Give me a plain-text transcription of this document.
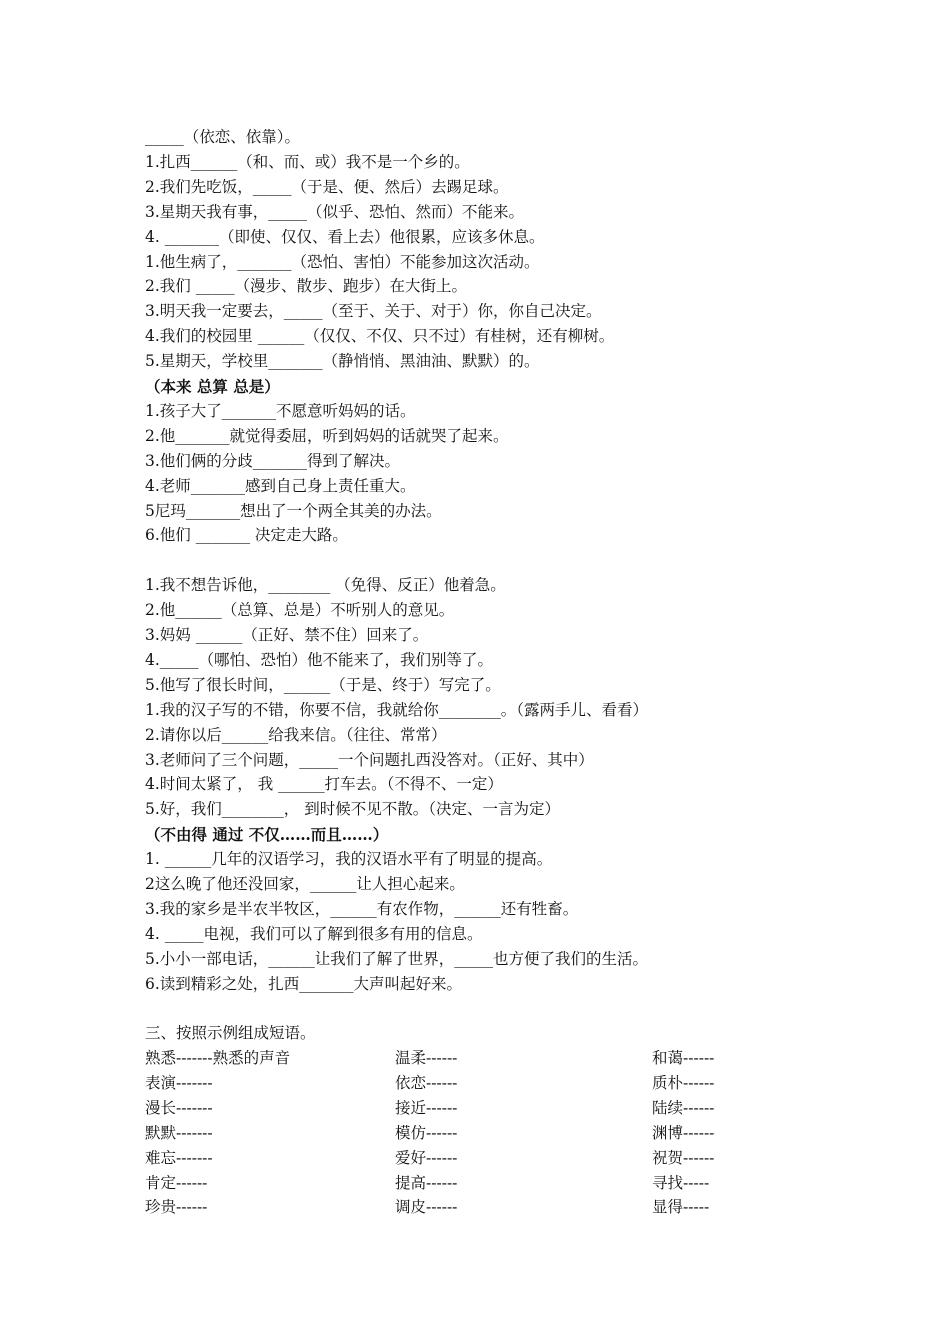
_____（依恋、依靠）。
1.扎西______（和、而、或）我不是一个乡的。
2.我们先吃饭，_____（于是、便、然后）去踢足球。
3.星期天我有事，_____（似乎、恐怕、然而）不能来。
4. _______（即使、仅仅、看上去）他很累，应该多休息。
1.他生病了，_______（恐怕、害怕）不能参加这次活动。
2.我们 _____（漫步、散步、跑步）在大街上。
3.明天我一定要去，_____（至于、关于、对于）你，你自己决定。
4.我们的校园里 ______（仅仅、不仅、只不过）有桂树，还有柳树。
5.星期天，学校里_______（静悄悄、黑油油、默默）的。
（本来 总算 总是）
1.孩子大了_______不愿意听妈妈的话。
2.他_______就觉得委屈，听到妈妈的话就哭了起来。
3.他们俩的分歧_______得到了解决。
4.老师_______感到自己身上责任重大。
5尼玛_______想出了一个两全其美的办法。
6.他们 _______ 决定走大路。
1.我不想告诉他，________ （免得、反正）他着急。
2.他______（总算、总是）不听别人的意见。
3.妈妈 ______（正好、禁不住）回来了。
4._____（哪怕、恐怕）他不能来了，我们别等了。
5.他写了很长时间，______（于是、终于）写完了。
1.我的汉子写的不错，你要不信，我就给你________。（露两手儿、看看）
2.请你以后______给我来信。（往往、常常）
3.老师问了三个问题，_____一个问题扎西没答对。（正好、其中）
4.时间太紧了， 我 ______打车去。（不得不、一定）
5.好，我们________， 到时候不见不散。（决定、一言为定）
（不由得 通过 不仅……而且……）
1. ______几年的汉语学习，我的汉语水平有了明显的提高。
2这么晚了他还没回家，______让人担心起来。
3.我的家乡是半农半牧区，______有农作物，______还有牲畜。
4. _____电视，我们可以了解到很多有用的信息。
5.小小一部电话，______让我们了解了世界，_____也方便了我们的生活。
6.读到精彩之处，扎西_______大声叫起好来。
三、按照示例组成短语。
熟悉-------熟悉的声音	温柔------	和蔼------
表演-------	依恋------	质朴------
漫长-------	接近------	陆续------
默默-------	模仿------	渊博------
难忘-------	爱好------	祝贺------
肯定------	提高------	寻找-----
珍贵------	调皮------	显得-----
